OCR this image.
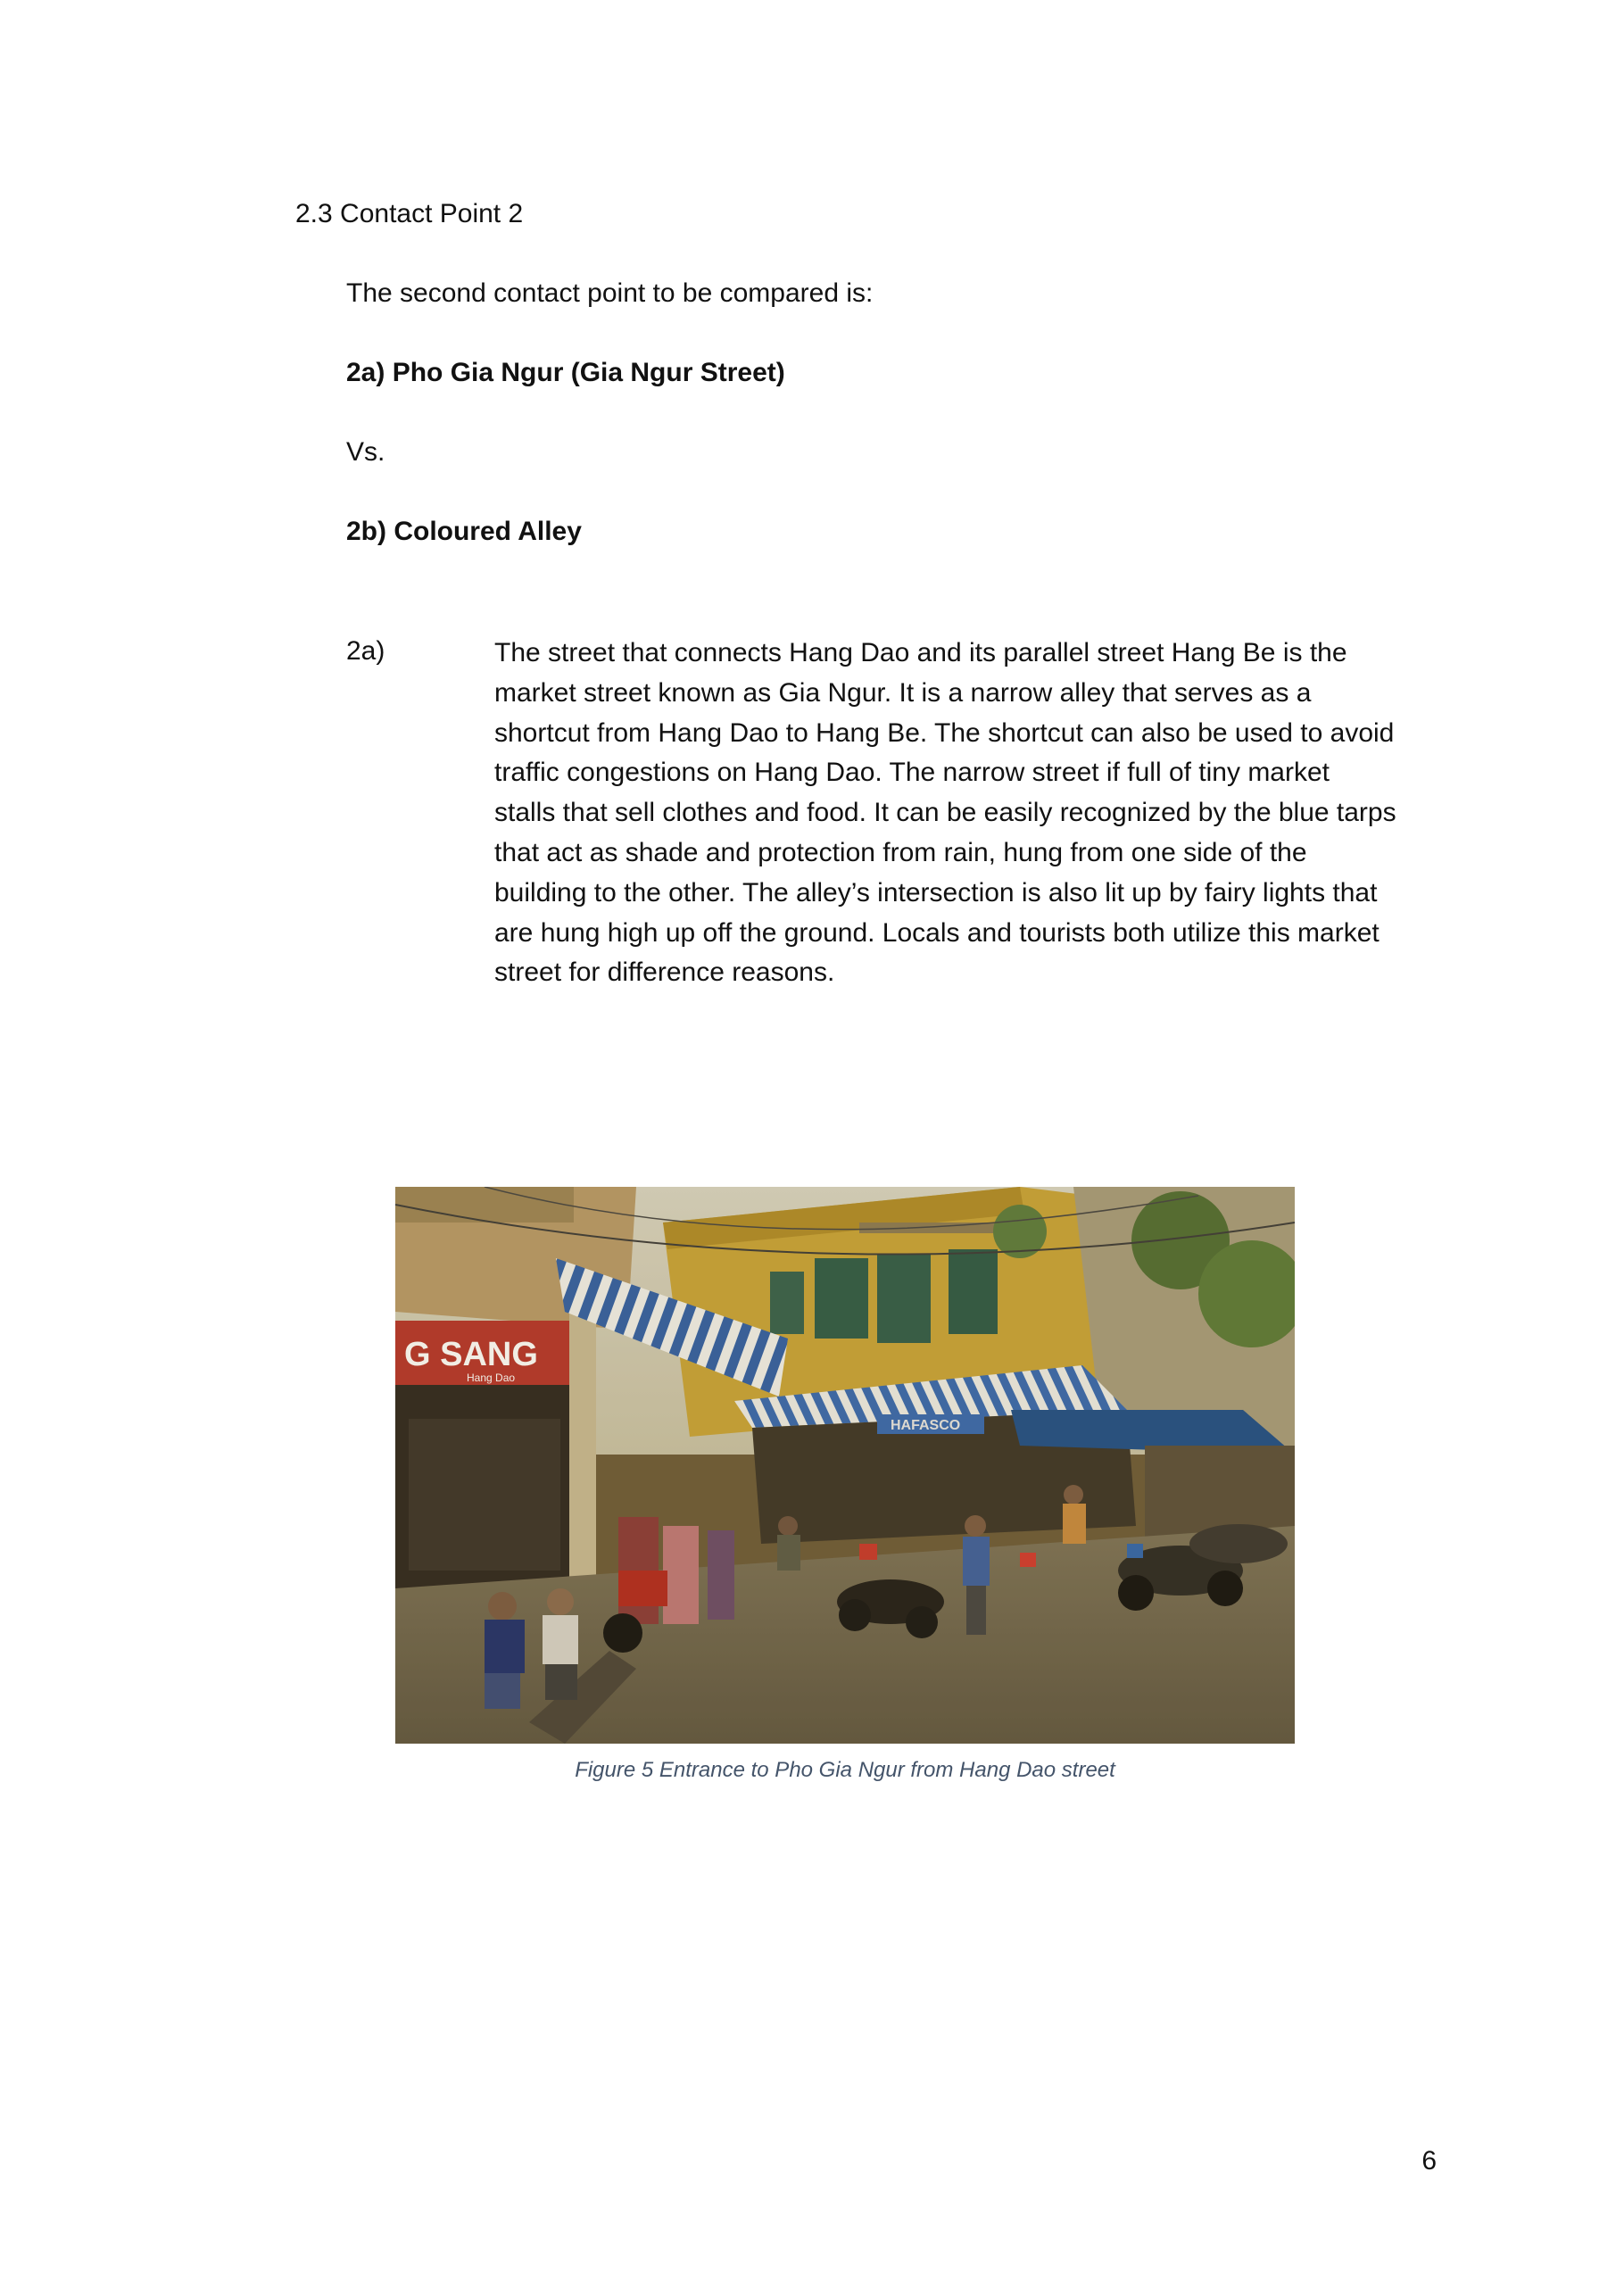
2.3 Contact Point 2
The second contact point to be compared is:
2a) Pho Gia Ngur (Gia Ngur Street)
Vs.
2b) Coloured Alley
2a)	The street that connects Hang Dao and its parallel street Hang Be is the
market street known as Gia Ngur. It is a narrow alley that serves as a
shortcut from Hang Dao to Hang Be. The shortcut can also be used to avoid
traffic congestions on Hang Dao. The narrow street if full of tiny market
stalls that sell clothes and food. It can be easily recognized by the blue tarps
that act as shade and protection from rain, hung from one side of the
building to the other. The alley’s intersection is also lit up by fairy lights that
are hung high up off the ground. Locals and tourists both utilize this market
street for difference reasons.
G SANG
Hang Dao
HAFASCO
Figure 5 Entrance to Pho Gia Ngur from Hang Dao street
6
